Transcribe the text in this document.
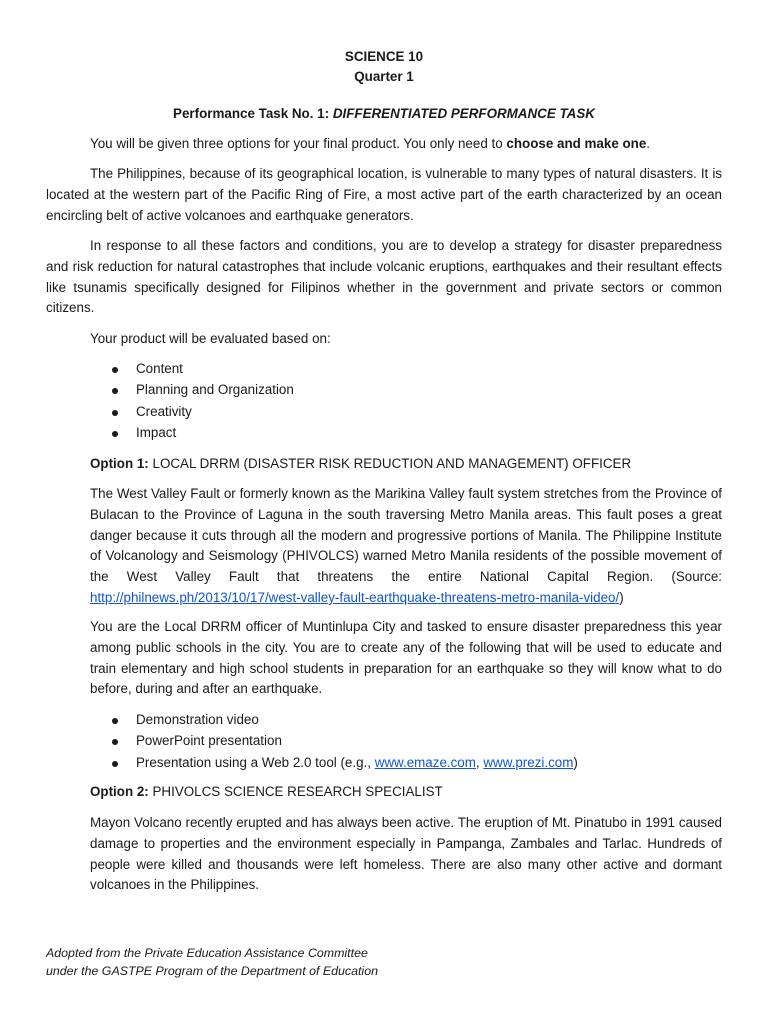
SCIENCE 10

Quarter 1

Performance Task No. 1: DIFFERENTIATED PERFORMANCE TASK

You will be given three options for your final product. You only need to choose and make one.

The Philippines, because of its geographical location, is vulnerable to many types of natural disasters. It is located at the western part of the Pacific Ring of Fire, a most active part of the earth characterized by an ocean encircling belt of active volcanoes and earthquake generators.

In response to all these factors and conditions, you are to develop a strategy for disaster preparedness and risk reduction for natural catastrophes that include volcanic eruptions, earthquakes and their resultant effects like tsunamis specifically designed for Filipinos whether in the government and private sectors or common citizens.

Your product will be evaluated based on:

Content
Planning and Organization
Creativity
Impact

Option 1: LOCAL DRRM (DISASTER RISK REDUCTION AND MANAGEMENT) OFFICER

The West Valley Fault or formerly known as the Marikina Valley fault system stretches from the Province of Bulacan to the Province of Laguna in the south traversing Metro Manila areas. This fault poses a great danger because it cuts through all the modern and progressive portions of Manila. The Philippine Institute of Volcanology and Seismology (PHIVOLCS) warned Metro Manila residents of the possible movement of the West Valley Fault that threatens the entire National Capital Region. (Source: http://philnews.ph/2013/10/17/west-valley-fault-earthquake-threatens-metro-manila-video/)

You are the Local DRRM officer of Muntinlupa City and tasked to ensure disaster preparedness this year among public schools in the city. You are to create any of the following that will be used to educate and train elementary and high school students in preparation for an earthquake so they will know what to do before, during and after an earthquake.

Demonstration video
PowerPoint presentation
Presentation using a Web 2.0 tool (e.g., www.emaze.com, www.prezi.com)

Option 2: PHIVOLCS SCIENCE RESEARCH SPECIALIST

Mayon Volcano recently erupted and has always been active. The eruption of Mt. Pinatubo in 1991 caused damage to properties and the environment especially in Pampanga, Zambales and Tarlac. Hundreds of people were killed and thousands were left homeless. There are also many other active and dormant volcanoes in the Philippines.

Adopted from the Private Education Assistance Committee
under the GASTPE Program of the Department of Education
